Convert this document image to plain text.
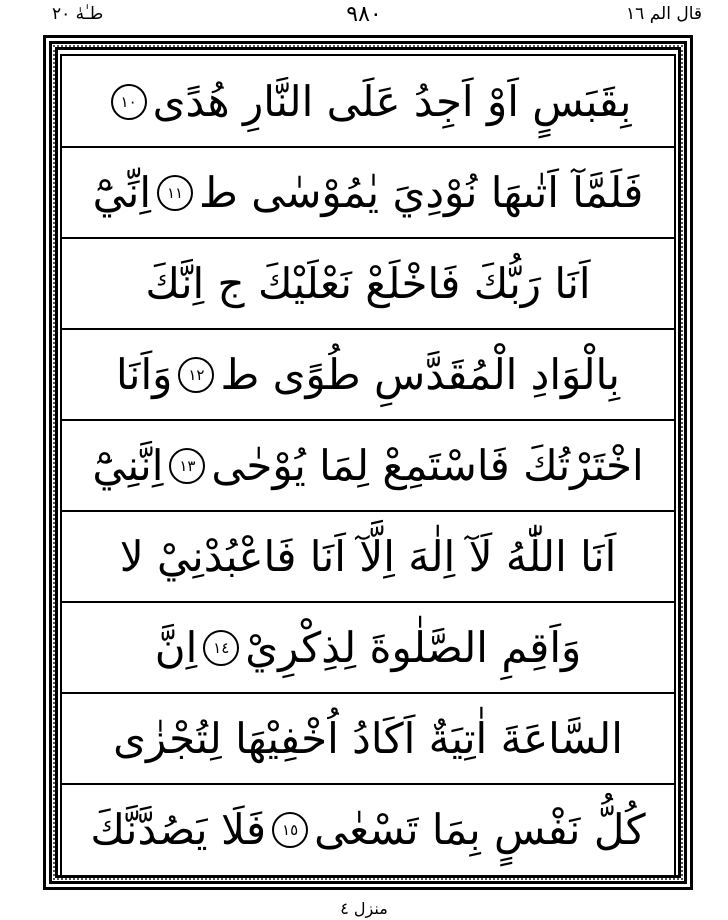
طـٰهٰ ٢٠	٩٨٠	قال الم ١٦
بِقَبَسٍ اَوْ اَجِدُ عَلَى النَّارِ هُدًى
١٠
فَلَمَّآ اَتٰىهَا نُوْدِيَ يٰمُوْسٰى ط
١١
اِنِّيْٓ
اَنَا رَبُّكَ فَاخْلَعْ نَعْلَيْكَ ج اِنَّكَ
بِالْوَادِ الْمُقَدَّسِ طُوًى ط
١٢
وَاَنَا
اخْتَرْتُكَ فَاسْتَمِعْ لِمَا يُوْحٰى
١٣
اِنَّنِيْٓ
اَنَا اللّٰهُ لَآ اِلٰهَ اِلَّآ اَنَا فَاعْبُدْنِيْ لا
وَاَقِمِ الصَّلٰوةَ لِذِكْرِيْ
١٤
اِنَّ
السَّاعَةَ اٰتِيَةٌ اَكَادُ اُخْفِيْهَا لِتُجْزٰى
كُلُّ نَفْسٍ بِمَا تَسْعٰى
١٥
فَلَا يَصُدَّنَّكَ
منزل ٤
